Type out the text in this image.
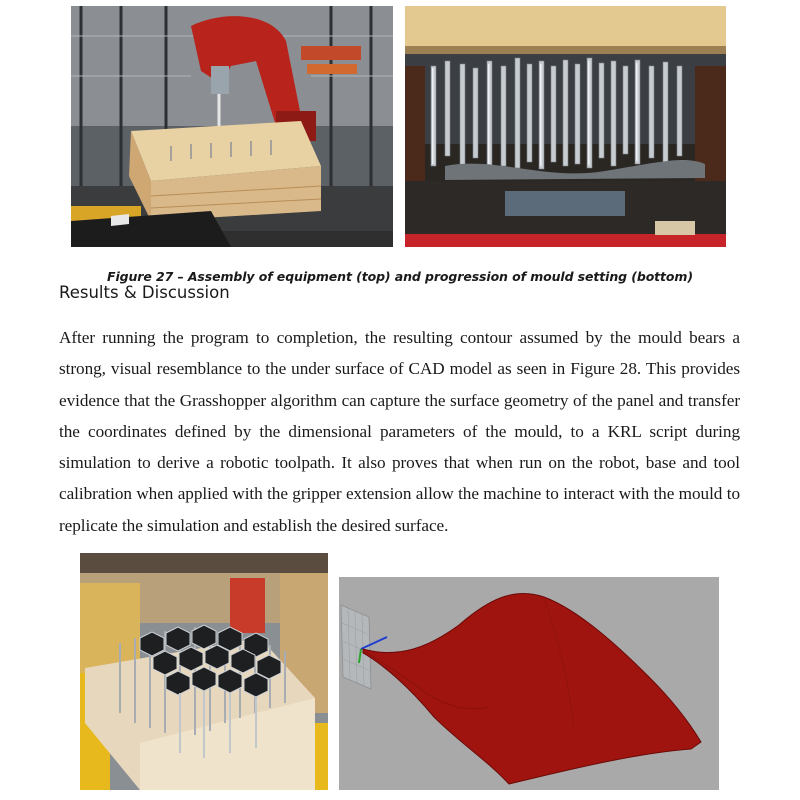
Figure 27 – Assembly of equipment (top) and progression of mould setting (bottom)

Results & Discussion

After running the program to completion, the resulting contour assumed by the mould bears a strong, visual resemblance to the under surface of CAD model as seen in Figure 28. This provides evidence that the Grasshopper algorithm can capture the surface geometry of the panel and transfer the coordinates defined by the dimensional parameters of the mould, to a KRL script during simulation to derive a robotic toolpath. It also proves that when run on the robot, base and tool calibration when applied with the gripper extension allow the machine to interact with the mould to replicate the simulation and establish the desired surface.
